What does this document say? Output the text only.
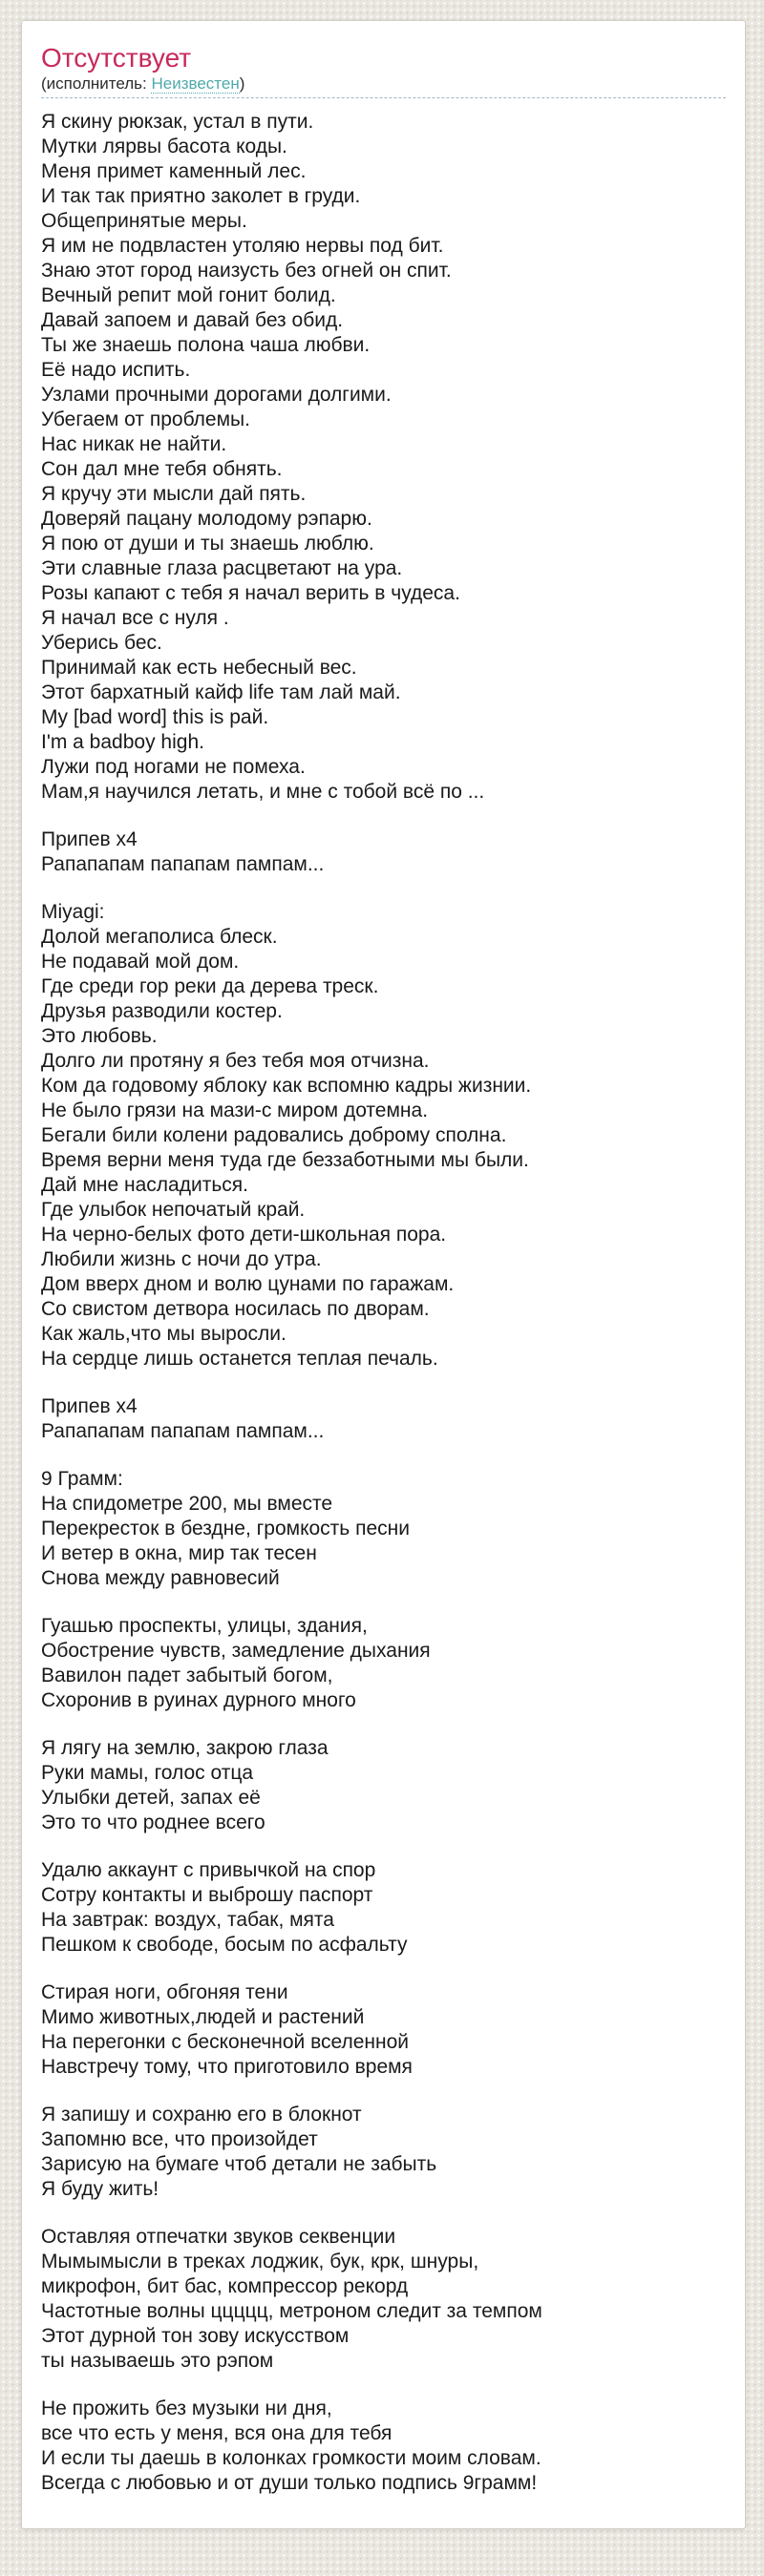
Отсутствует
(исполнитель: Неизвестен)

Я скину рюкзак, устал в пути.
Мутки лярвы басота коды.
Меня примет каменный лес.
И так так приятно заколет в груди.
Общепринятые меры.
Я им не подвластен утоляю нервы под бит.
Знаю этот город наизусть без огней он спит.
Вечный репит мой гонит болид.
Давай запоем и давай без обид.
Ты же знаешь полона чаша любви.
Её надо испить.
Узлами прочными дорогами долгими.
Убегаем от проблемы.
Нас никак не найти.
Сон дал мне тебя обнять.
Я кручу эти мысли дай пять.
Доверяй пацану молодому рэпарю.
Я пою от души и ты знаешь люблю.
Эти славные глаза расцветают на ура.
Розы капают с тебя я начал верить в чудеса.
Я начал все с нуля .
Уберись бес.
Принимай как есть небесный вес.
Этот бархатный кайф life там лай май.
My [bad word] this is рай.
I'm a badboy high.
Лужи под ногами не помеха.
Мам,я научился летать, и мне с тобой всё по ...

Припев x4
Рапапапам папапам пампам...

Miyagi:
Долой мегаполиса блеск.
Не подавай мой дом.
Где среди гор реки да дерева треск.
Друзья разводили костер.
Это любовь.
Долго ли протяну я без тебя моя отчизна.
Ком да годовому яблоку как вспомню кадры жизнии.
Не было грязи на мази-с миром дотемна.
Бегали били колени радовались доброму сполна.
Время верни меня туда где беззаботными мы были.
Дай мне насладиться.
Где улыбок непочатый край.
На черно-белых фото дети-школьная пора.
Любили жизнь с ночи до утра.
Дом вверх дном и волю цунами по гаражам.
Со свистом детвора носилась по дворам.
Как жаль,что мы выросли.
На сердце лишь останется теплая печаль.

Припев x4
Рапапапам папапам пампам...

9 Грамм:
На спидометре 200, мы вместе
Перекресток в бездне, громкость песни
И ветер в окна, мир так тесен
Снова между равновесий

Гуашью проспекты, улицы, здания,
Обострение чувств, замедление дыхания
Вавилон падет забытый богом,
Схоронив в руинах дурного много

Я лягу на землю, закрою глаза
Руки мамы, голос отца
Улыбки детей, запах её
Это то что роднее всего

Удалю аккаунт с привычкой на спор
Сотру контакты и выброшу паспорт
На завтрак: воздух, табак, мята
Пешком к свободе, босым по асфальту

Стирая ноги, обгоняя тени
Мимо животных,людей и растений
На перегонки с бесконечной вселенной
Навстречу тому, что приготовило время

Я запишу и сохраню его в блокнот
Запомню все, что произойдет
Зарисую на бумаге чтоб детали не забыть
Я буду жить!

Оставляя отпечатки звуков секвенции
Мымымысли в треках лоджик, бук, крк, шнуры,
микрофон, бит бас, компрессор рекорд
Частотные волны ццццц, метроном следит за темпом
Этот дурной тон зову искусством
ты называешь это рэпом

Не прожить без музыки ни дня,
все что есть у меня, вся она для тебя
И если ты даешь в колонках громкости моим словам.
Всегда с любовью и от души только подпись 9грамм!
